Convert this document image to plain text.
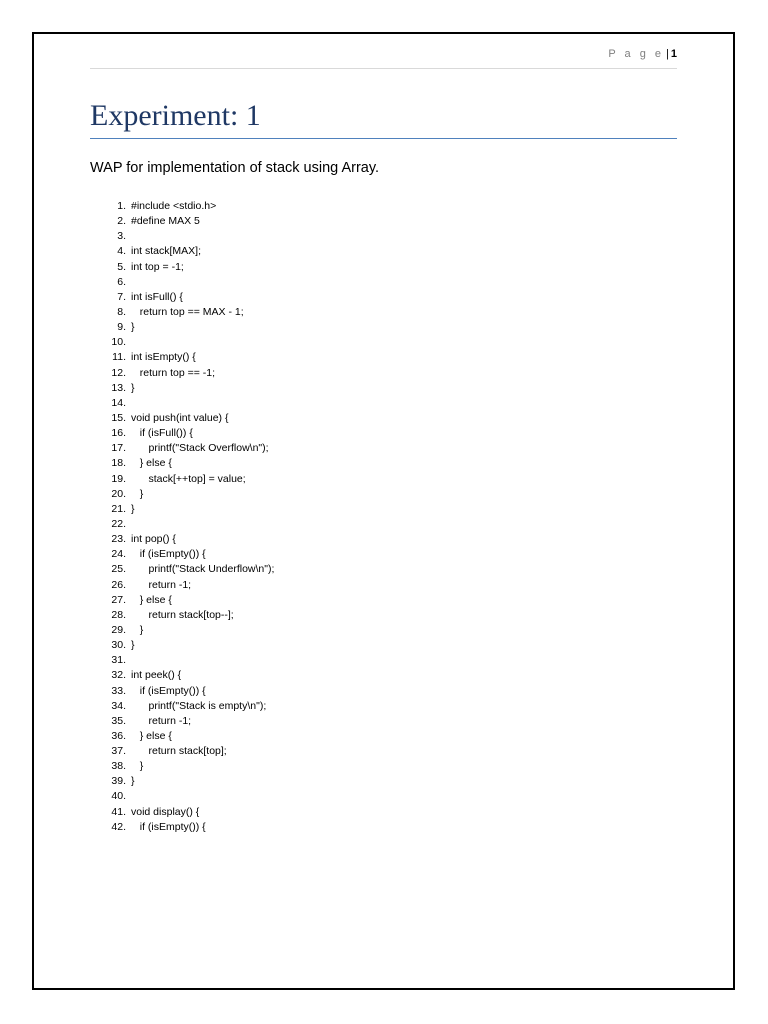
P a g e | 1
Experiment: 1
WAP for implementation of stack using Array.
1. #include <stdio.h>
2. #define MAX 5
3.
4. int stack[MAX];
5. int top = -1;
6.
7. int isFull() {
8. return top == MAX - 1;
9. }
10.
11. int isEmpty() {
12. return top == -1;
13. }
14.
15. void push(int value) {
16. if (isFull()) {
17. printf("Stack Overflow\n");
18. } else {
19. stack[++top] = value;
20. }
21. }
22.
23. int pop() {
24. if (isEmpty()) {
25. printf("Stack Underflow\n");
26. return -1;
27. } else {
28. return stack[top--];
29. }
30. }
31.
32. int peek() {
33. if (isEmpty()) {
34. printf("Stack is empty\n");
35. return -1;
36. } else {
37. return stack[top];
38. }
39. }
40.
41. void display() {
42. if (isEmpty()) {
